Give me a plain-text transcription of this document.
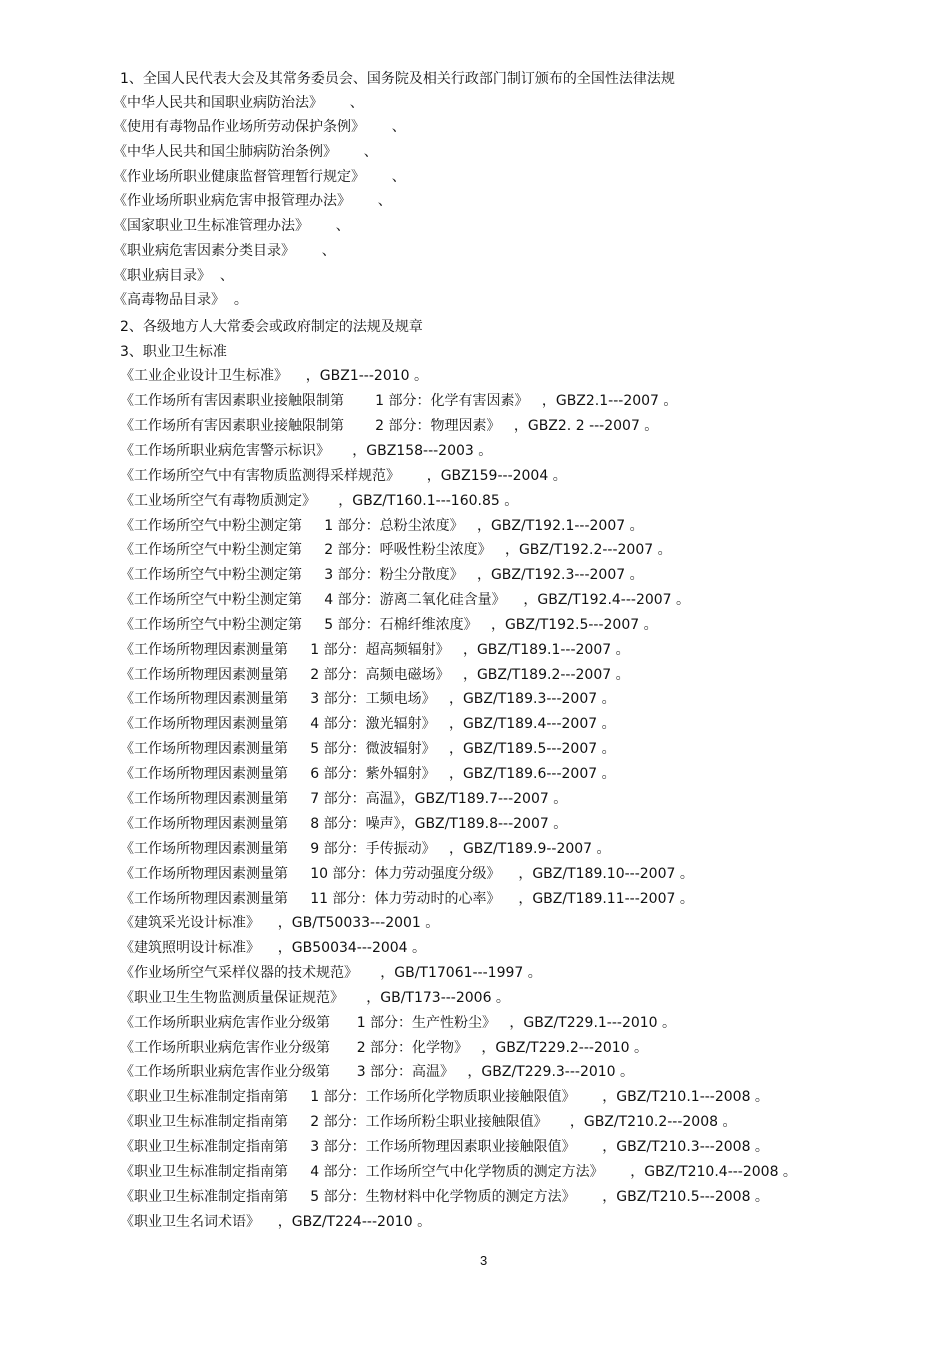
1、全国人民代表大会及其常务委员会、国务院及相关行政部门制订颁布的全国性法律法规
《中华人民共和国职业病防治法》      、
《使用有毒物品作业场所劳动保护条例》      、
《中华人民共和国尘肺病防治条例》      、
《作业场所职业健康监督管理暂行规定》      、
《作业场所职业病危害申报管理办法》      、
《国家职业卫生标准管理办法》      、
《职业病危害因素分类目录》      、
《职业病目录》  、
《高毒物品目录》  。
2、各级地方人大常委会或政府制定的法规及规章
3、职业卫生标准
《工业企业设计卫生标准》    ，GBZ1---2010 。
《工作场所有害因素职业接触限制第       1 部分：化学有害因素》   ，GBZ2.1---2007 。
《工作场所有害因素职业接触限制第       2 部分：物理因素》   ，GBZ2. 2 ---2007 。
《工作场所职业病危害警示标识》     ，GBZ158---2003 。
《工作场所空气中有害物质监测得采样规范》      ，GBZ159---2004 。
《工业场所空气有毒物质测定》     ，GBZ/T160.1---160.85 。
《工作场所空气中粉尘测定第     1 部分：总粉尘浓度》   ，GBZ/T192.1---2007 。
《工作场所空气中粉尘测定第     2 部分：呼吸性粉尘浓度》   ，GBZ/T192.2---2007 。
《工作场所空气中粉尘测定第     3 部分：粉尘分散度》   ，GBZ/T192.3---2007 。
《工作场所空气中粉尘测定第     4 部分：游离二氧化硅含量》    ，GBZ/T192.4---2007 。
《工作场所空气中粉尘测定第     5 部分：石棉纤维浓度》   ，GBZ/T192.5---2007 。
《工作场所物理因素测量第     1 部分：超高频辐射》   ，GBZ/T189.1---2007 。
《工作场所物理因素测量第     2 部分：高频电磁场》   ，GBZ/T189.2---2007 。
《工作场所物理因素测量第     3 部分：工频电场》   ，GBZ/T189.3---2007 。
《工作场所物理因素测量第     4 部分：激光辐射》   ，GBZ/T189.4---2007 。
《工作场所物理因素测量第     5 部分：微波辐射》   ，GBZ/T189.5---2007 。
《工作场所物理因素测量第     6 部分：紫外辐射》   ，GBZ/T189.6---2007 。
《工作场所物理因素测量第     7 部分：高温》，GBZ/T189.7---2007 。
《工作场所物理因素测量第     8 部分：噪声》，GBZ/T189.8---2007 。
《工作场所物理因素测量第     9 部分：手传振动》   ，GBZ/T189.9--2007 。
《工作场所物理因素测量第     10 部分：体力劳动强度分级》    ，GBZ/T189.10---2007 。
《工作场所物理因素测量第     11 部分：体力劳动时的心率》    ，GBZ/T189.11---2007 。
《建筑采光设计标准》    ，GB/T50033---2001 。
《建筑照明设计标准》    ，GB50034---2004 。
《作业场所空气采样仪器的技术规范》     ，GB/T17061---1997 。
《职业卫生生物监测质量保证规范》     ，GB/T173---2006 。
《工作场所职业病危害作业分级第      1 部分：生产性粉尘》   ，GBZ/T229.1---2010 。
《工作场所职业病危害作业分级第      2 部分：化学物》   ，GBZ/T229.2---2010 。
《工作场所职业病危害作业分级第      3 部分：高温》   ，GBZ/T229.3---2010 。
《职业卫生标准制定指南第     1 部分：工作场所化学物质职业接触限值》      ，GBZ/T210.1---2008 。
《职业卫生标准制定指南第     2 部分：工作场所粉尘职业接触限值》     ，GBZ/T210.2---2008 。
《职业卫生标准制定指南第     3 部分：工作场所物理因素职业接触限值》      ，GBZ/T210.3---2008 。
《职业卫生标准制定指南第     4 部分：工作场所空气中化学物质的测定方法》      ，GBZ/T210.4---2008 。
《职业卫生标准制定指南第     5 部分：生物材料中化学物质的测定方法》      ，GBZ/T210.5---2008 。
《职业卫生名词术语》    ，GBZ/T224---2010 。
3
